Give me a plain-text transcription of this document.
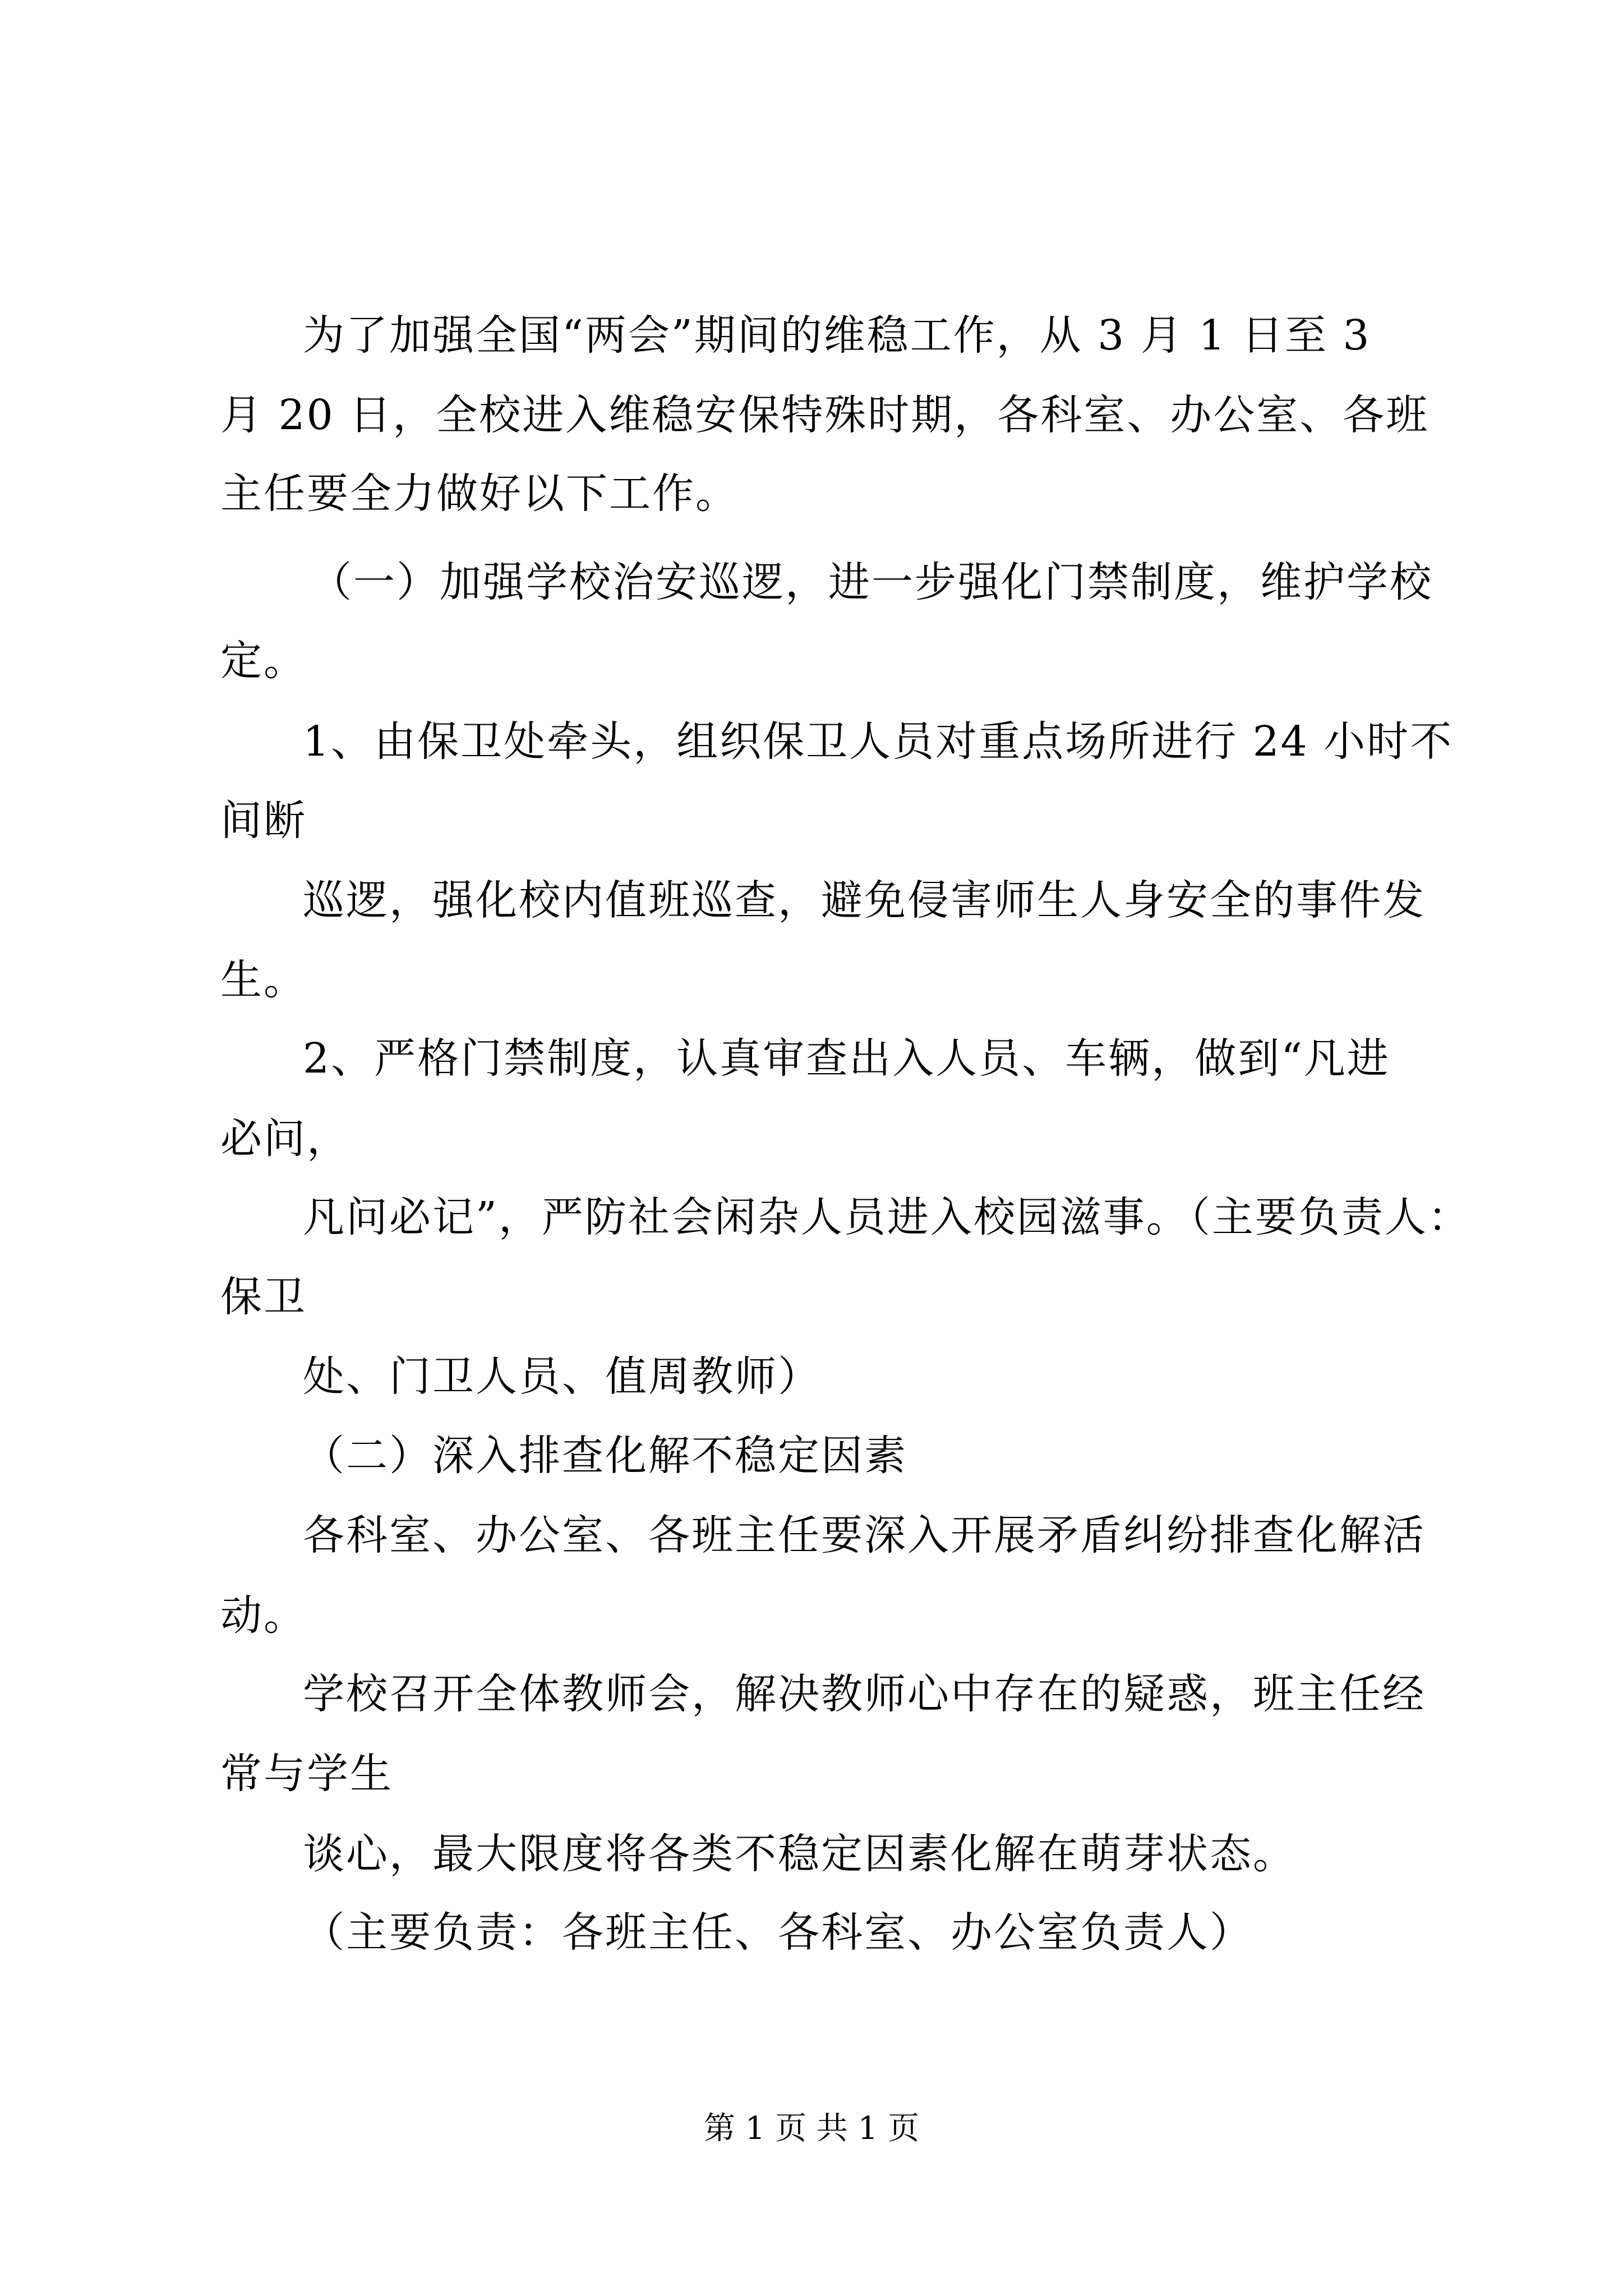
为了加强全国“两会”期间的维稳工作，从 3 月 1 日至 3
月 20 日，全校进入维稳安保特殊时期，各科室、办公室、各班
主任要全力做好以下工作。
（一）加强学校治安巡逻，进一步强化门禁制度，维护学校
定。
1、由保卫处牵头，组织保卫人员对重点场所进行 24 小时不
间断
巡逻，强化校内值班巡查，避免侵害师生人身安全的事件发
生。
2、严格门禁制度，认真审查出入人员、车辆，做到“凡进
必问，
凡问必记”，严防社会闲杂人员进入校园滋事。（主要负责人：
保卫
处、门卫人员、值周教师）
（二）深入排查化解不稳定因素
各科室、办公室、各班主任要深入开展矛盾纠纷排查化解活
动。
学校召开全体教师会，解决教师心中存在的疑惑，班主任经
常与学生
谈心，最大限度将各类不稳定因素化解在萌芽状态。
（主要负责：各班主任、各科室、办公室负责人）
第 1 页 共 1 页
